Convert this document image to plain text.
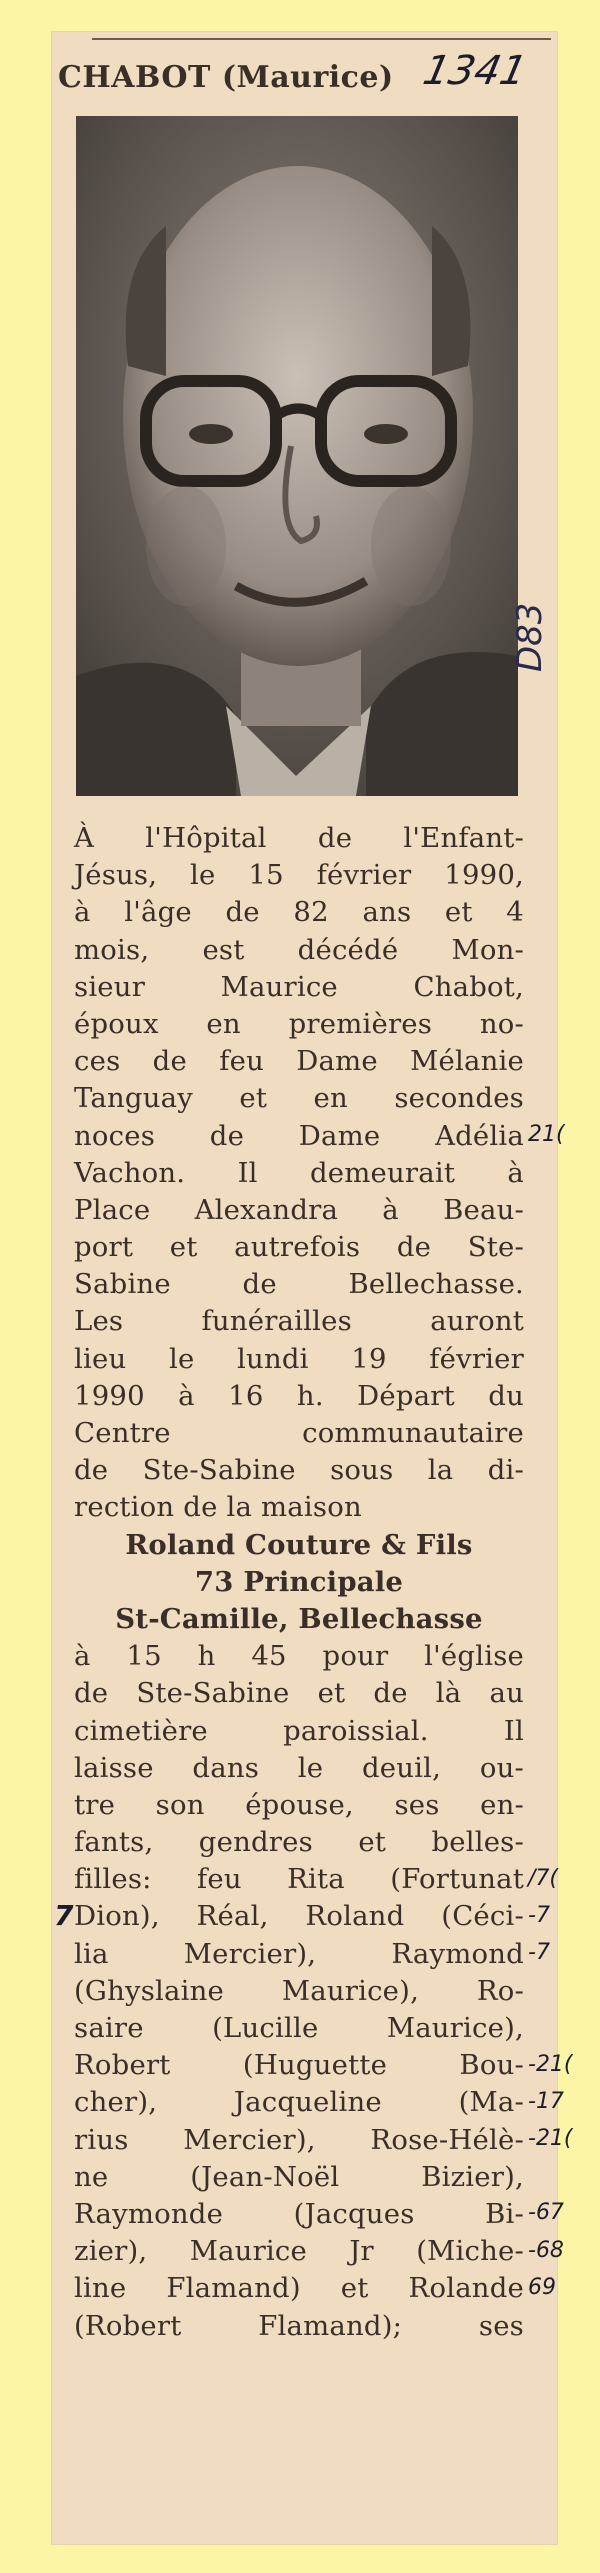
CHABOT (Maurice) 1341
D83
À l'Hôpital de l'Enfant-
Jésus, le 15 février 1990,
à l'âge de 82 ans et 4
mois, est décédé Mon-
sieur Maurice Chabot,
époux en premières no-
ces de feu Dame Mélanie
Tanguay et en secondes
noces de Dame Adélia
Vachon. Il demeurait à
Place Alexandra à Beau-
port et autrefois de Ste-
Sabine de Bellechasse.
Les funérailles auront
lieu le lundi 19 février
1990 à 16 h. Départ du
Centre communautaire
de Ste-Sabine sous la di-
rection de la maison
Roland Couture & Fils
73 Principale
St-Camille, Bellechasse
à 15 h 45 pour l'église
de Ste-Sabine et de là au
cimetière paroissial. Il
laisse dans le deuil, ou-
tre son épouse, ses en-
fants, gendres et belles-
filles: feu Rita (Fortunat
Dion), Réal, Roland (Céci-
lia Mercier), Raymond
(Ghyslaine Maurice), Ro-
saire (Lucille Maurice),
Robert (Huguette Bou-
cher), Jacqueline (Ma-
rius Mercier), Rose-Hélè-
ne (Jean-Noël Bizier),
Raymonde (Jacques Bi-
zier), Maurice Jr (Miche-
line Flamand) et Rolande
(Robert Flamand); ses
21(
/7(
-7
-7
-21(
-17
-21(
-67
-68
69
7
